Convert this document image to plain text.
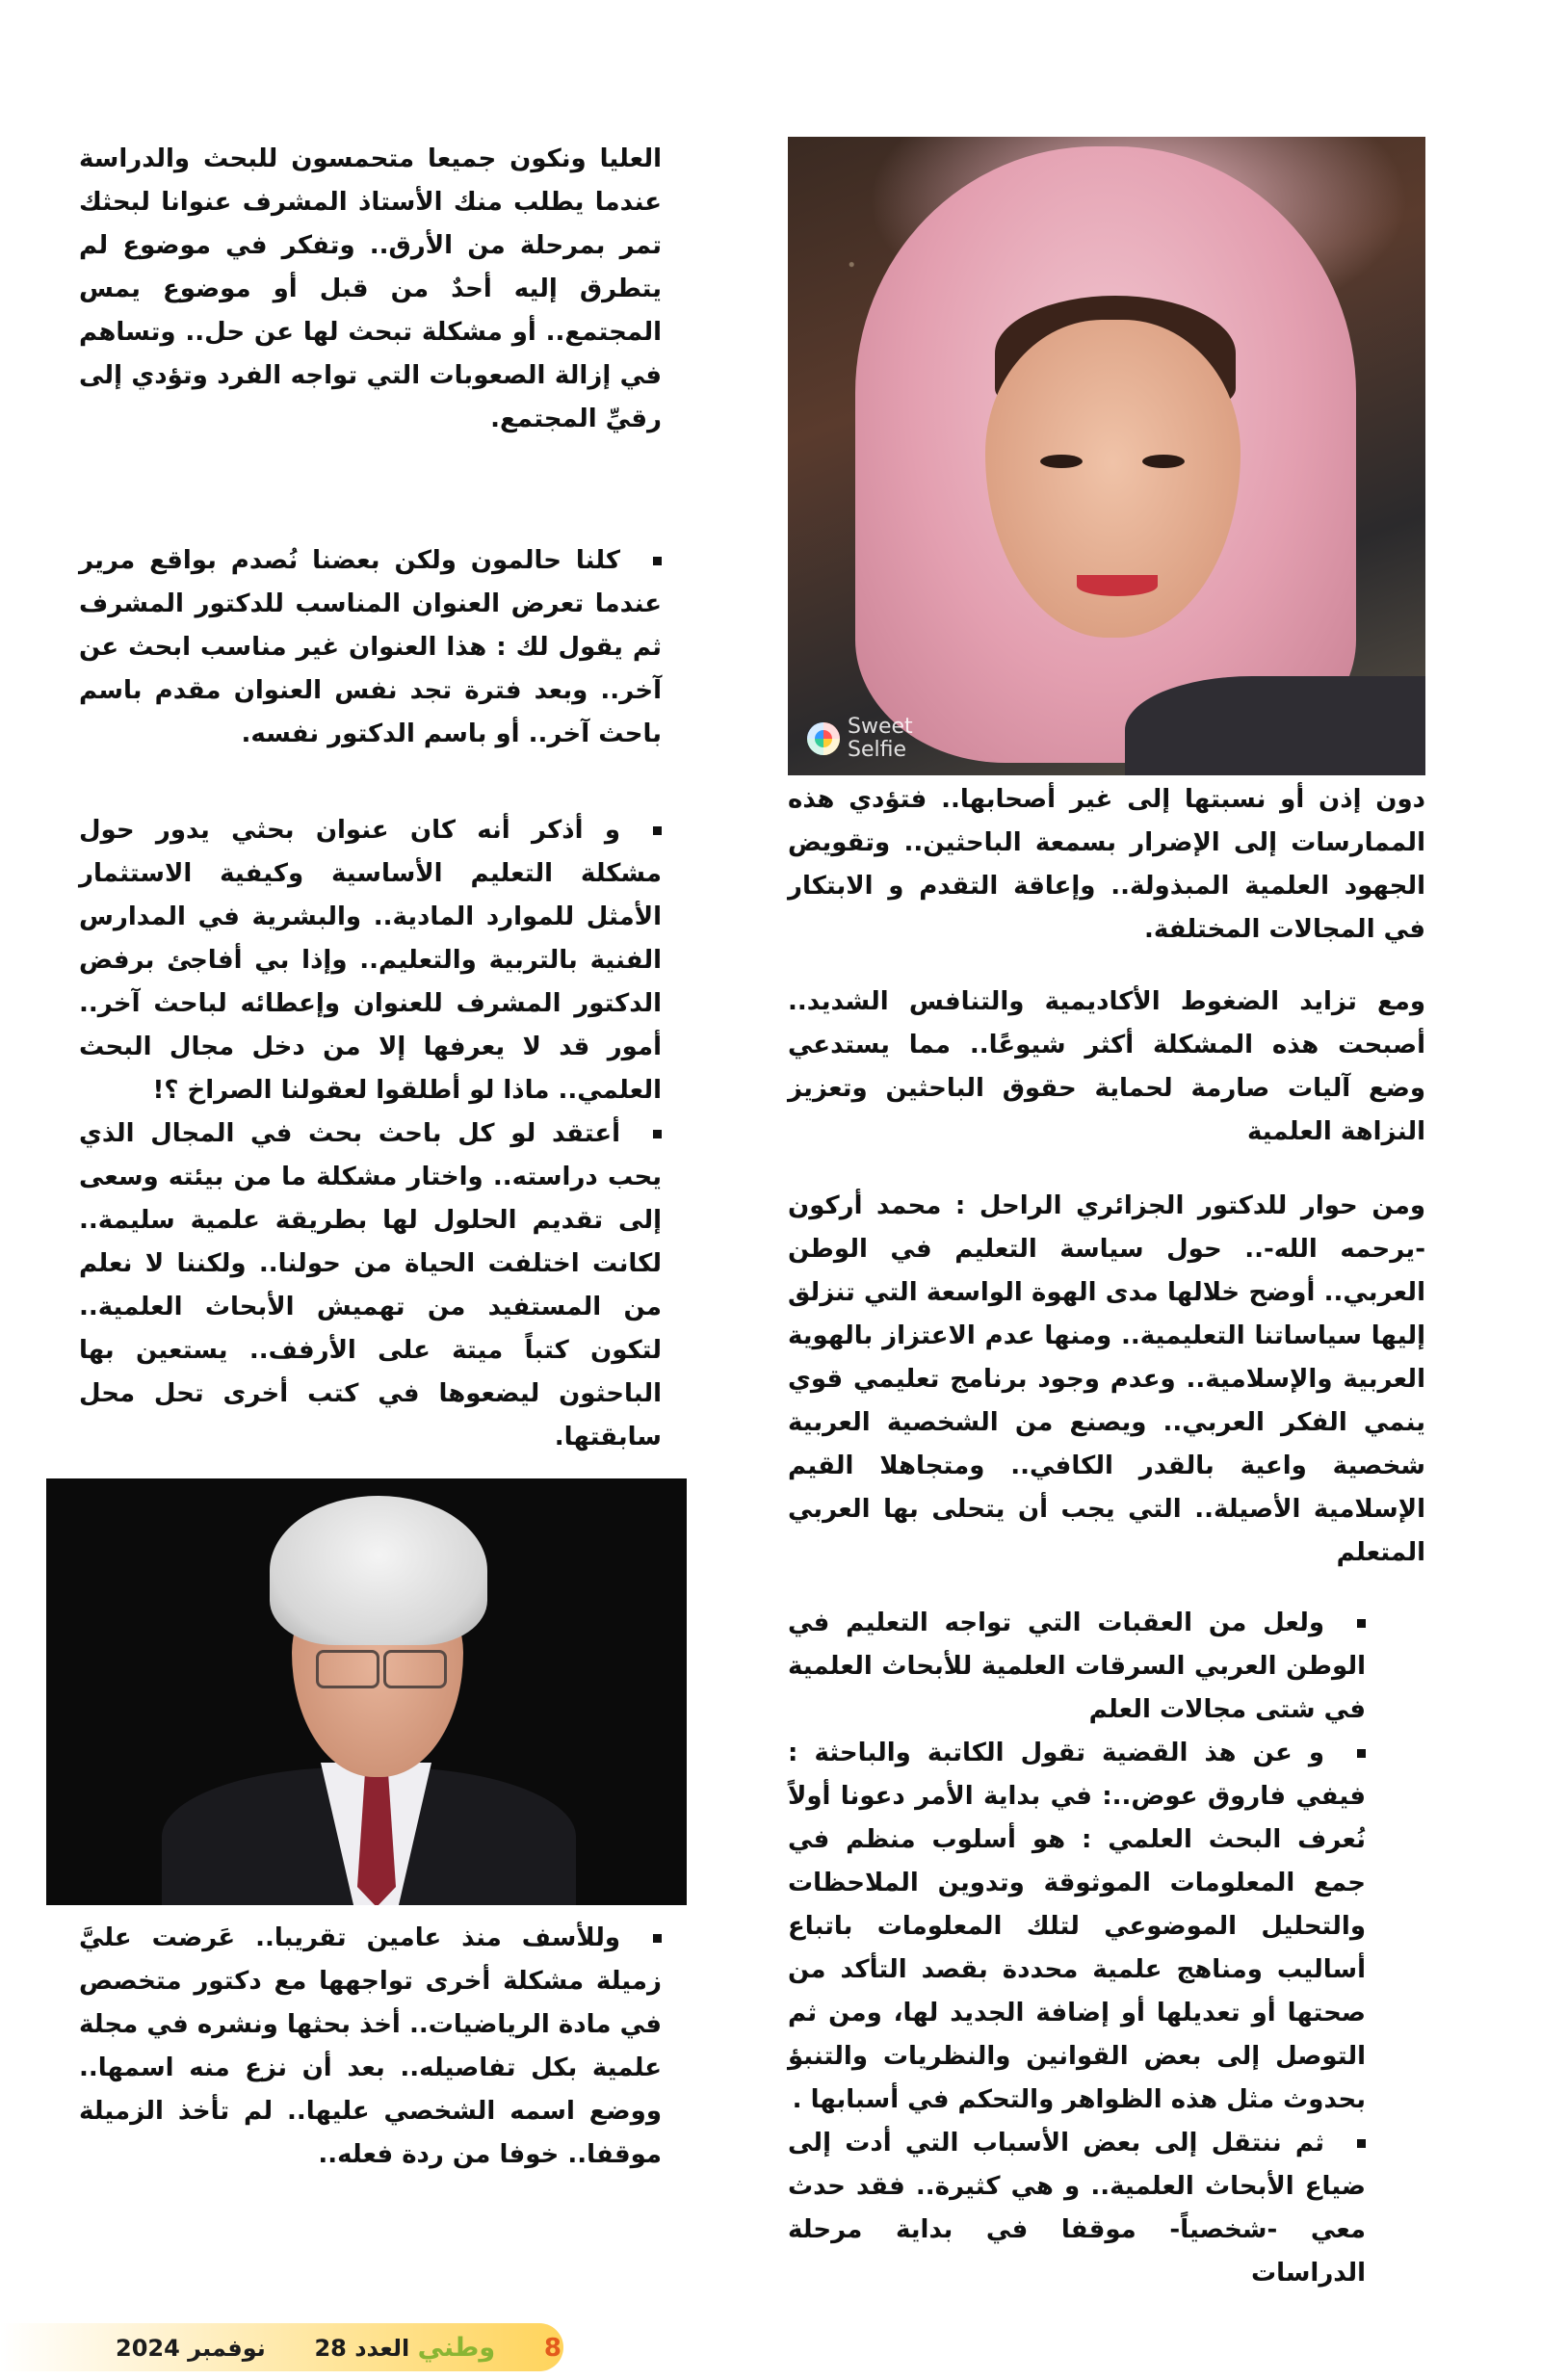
العليا ونكون جميعا متحمسون للبحث والدراسة عندما يطلب منك الأستاذ المشرف عنوانا لبحثك تمر بمرحلة من الأرق.. وتفكر في موضوع لم يتطرق إليه أحدٌ من قبل أو موضوع يمس المجتمع.. أو مشكلة تبحث لها عن حل.. وتساهم في إزالة الصعوبات التي تواجه الفرد وتؤدي إلى رقيِّ المجتمع.

كلنا حالمون ولكن بعضنا نُصدم بواقع مرير عندما تعرض العنوان المناسب للدكتور المشرف ثم يقول لك : هذا العنوان غير مناسب ابحث عن آخر.. وبعد فترة تجد نفس العنوان مقدم باسم باحث آخر.. أو باسم الدكتور نفسه.

و أذكر أنه كان عنوان بحثي يدور حول مشكلة التعليم الأساسية وكيفية الاستثمار الأمثل للموارد المادية.. والبشرية في المدارس الفنية بالتربية والتعليم.. وإذا بي أفاجئ برفض الدكتور المشرف للعنوان وإعطائه لباحث آخر.. أمور قد لا يعرفها إلا من دخل مجال البحث العلمي.. ماذا لو أطلقوا لعقولنا الصراخ ؟!

أعتقد لو كل باحث بحث في المجال الذي يحب دراسته.. واختار مشكلة ما من بيئته وسعى إلى تقديم الحلول لها بطريقة علمية سليمة.. لكانت اختلفت الحياة من حولنا.. ولكننا لا نعلم من المستفيد من تهميش الأبحاث العلمية.. لتكون كتباً ميتة على الأرفف.. يستعين بها الباحثون ليضعوها في كتب أخرى تحل محل سابقتها.

وللأسف منذ عامين تقريبا.. عَرضت عليَّ زميلة مشكلة أخرى تواجهها مع دكتور متخصص في مادة الرياضيات.. أخذ بحثها ونشره في مجلة علمية بكل تفاصيله.. بعد أن نزع منه اسمها.. ووضع اسمه الشخصي عليها.. لم تأخذ الزميلة موقفا.. خوفا من ردة فعله..

Sweet
Selfie

دون إذن أو نسبتها إلى غير أصحابها.. فتؤدي هذه الممارسات إلى الإضرار بسمعة الباحثين.. وتقويض الجهود العلمية المبذولة.. وإعاقة التقدم و الابتكار في المجالات المختلفة.

ومع تزايد الضغوط الأكاديمية والتنافس الشديد.. أصبحت هذه المشكلة أكثر شيوعًا.. مما يستدعي وضع آليات صارمة لحماية حقوق الباحثين وتعزيز النزاهة العلمية

ومن حوار للدكتور الجزائري الراحل : محمد أركون -يرحمه الله-.. حول سياسة التعليم في الوطن العربي.. أوضح خلالها مدى الهوة الواسعة التي تنزلق إليها سياساتنا التعليمية.. ومنها عدم الاعتزاز بالهوية العربية والإسلامية.. وعدم وجود برنامج تعليمي قوي ينمي الفكر العربي.. ويصنع من الشخصية العربية شخصية واعية بالقدر الكافي.. ومتجاهلا القيم الإسلامية الأصيلة.. التي يجب أن يتحلى بها العربي المتعلم

ولعل من العقبات التي تواجه التعليم في الوطن العربي السرقات العلمية للأبحاث العلمية في شتى مجالات العلم

و عن هذ القضية تقول الكاتبة والباحثة : فيفي فاروق عوض..: في بداية الأمر دعونا أولاً نُعرف البحث العلمي : هو أسلوب منظم في جمع المعلومات الموثوقة وتدوين الملاحظات والتحليل الموضوعي لتلك المعلومات باتباع أساليب ومناهج علمية محددة بقصد التأكد من صحتها أو تعديلها أو إضافة الجديد لها، ومن ثم التوصل إلى بعض القوانين والنظريات والتنبؤ بحدوث مثل هذه الظواهر والتحكم في أسبابها .

ثم ننتقل إلى بعض الأسباب التي أدت إلى ضياع الأبحاث العلمية.. و هي كثيرة.. فقد حدث معي -شخصياً- موقفا في بداية مرحلة الدراسات

8  وطني العدد 28  نوفمبر 2024
